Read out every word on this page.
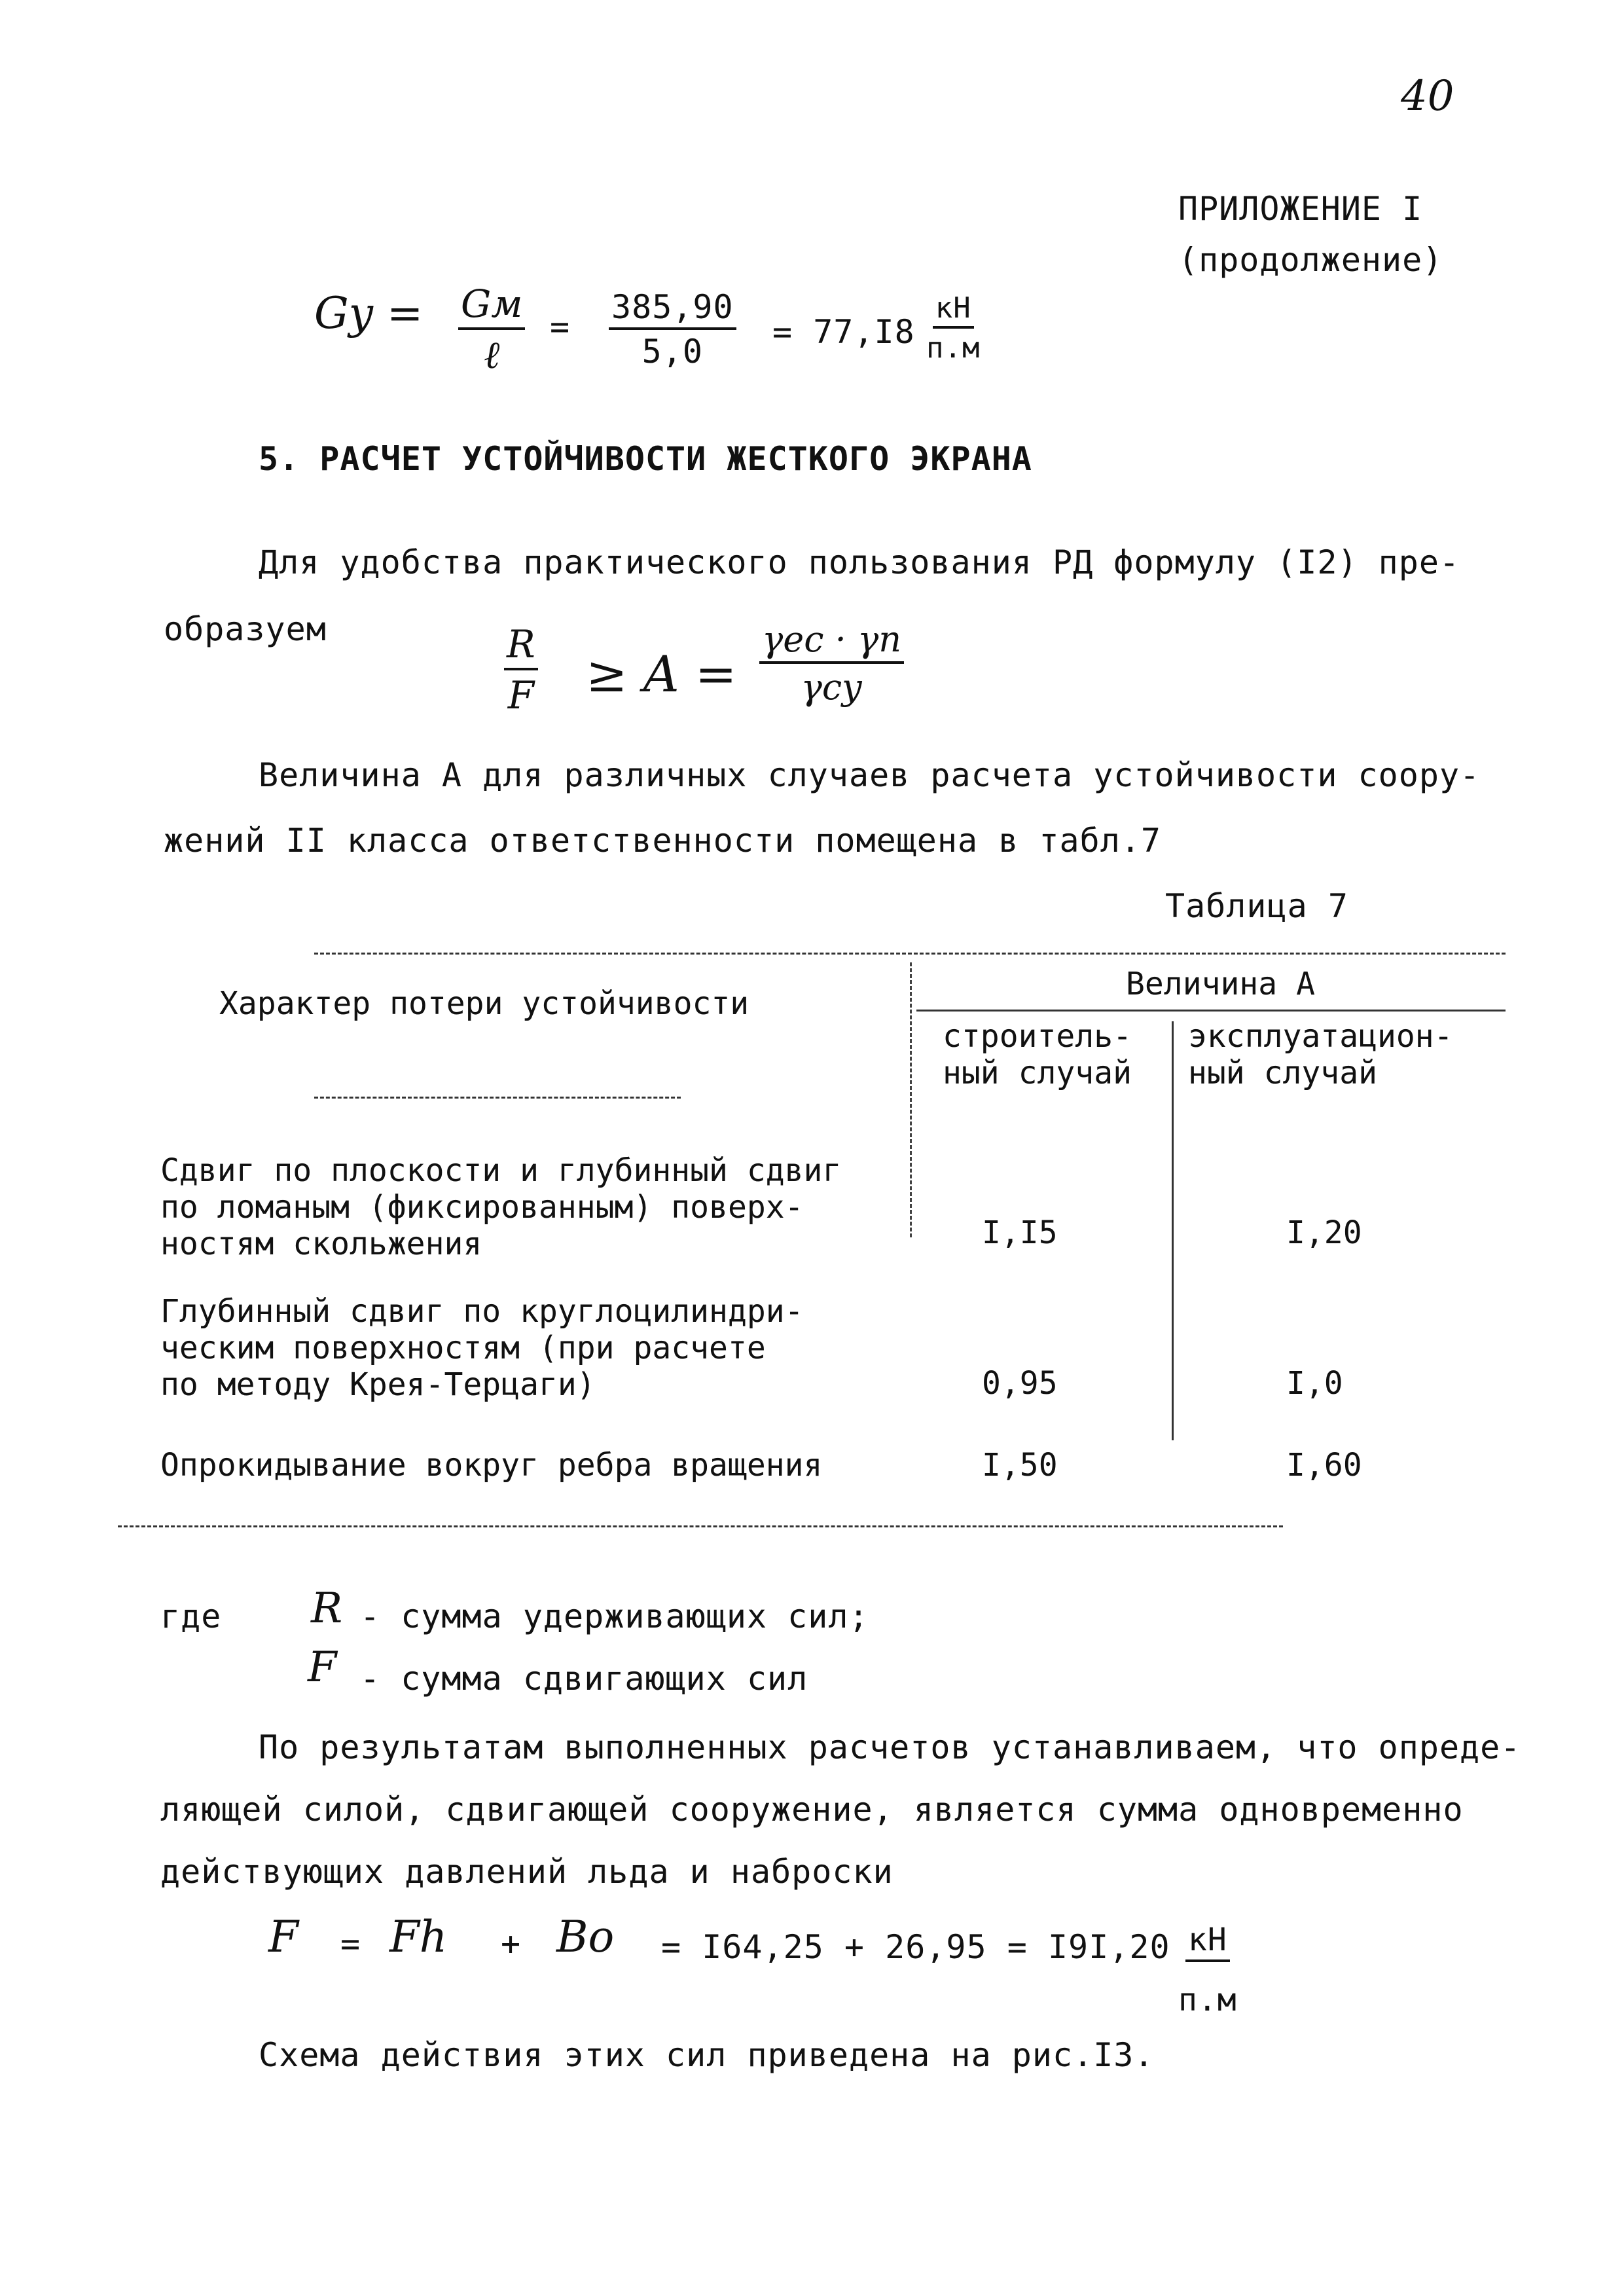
40
ПРИЛОЖЕНИЕ I
(продолжение)
Gy = Gм
ℓ
= $\frac{385,90}{5,0} = 77,I8$
кН
п.м
5. РАСЧЕТ УСТОЙЧИВОСТИ ЖЕСТКОГО ЭКРАНА
Для удобства практического пользования РД формулу (I2) пре-
образуем	$\frac{R}{F} \ge A$ =
γес · γп
γсу
Величина A для различных случаев расчета устойчивости соору-
жений II класса ответственности помещена в табл.7
Таблица 7
Характер потери устойчивости
Величина A
строитель-
ный случай
эксплуатацион-
ный случай
Сдвиг по плоскости и глубинный сдвиг
по ломаным (фиксированным) поверх-
ностям скольжения	I,I5	I,20
Глубинный сдвиг по круглоцилиндри-
ческим поверхностям (при расчете
по методу Крея-Терцаги)	0,95	I,0
Опрокидывание вокруг ребра вращения	I,50	I,60
где R - сумма удерживающих сил;
F - сумма сдвигающих сил
По результатам выполненных расчетов устанавливаем, что опреде-
ляющей силой, сдвигающей сооружение, является сумма одновременно
действующих давлений льда и наброски
F = Fh + Bo = I64,25 + 26,95 = I9I,20 кН
п.м
Схема действия этих сил приведена на рис.I3.
